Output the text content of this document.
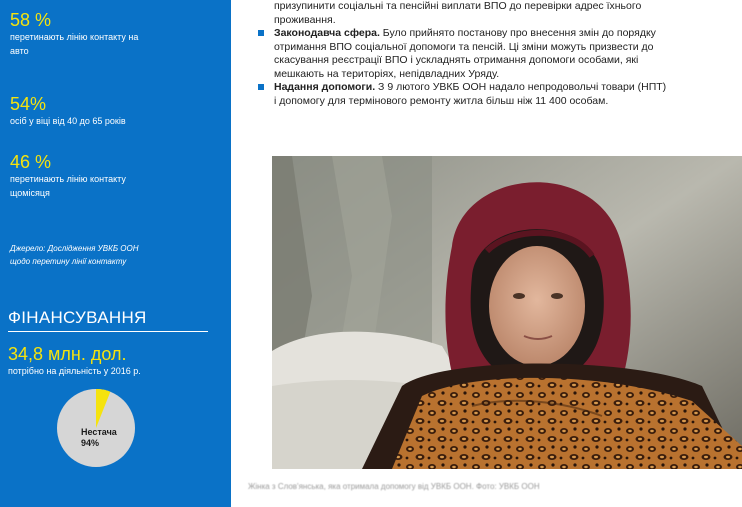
58 %
перетинають лінію контакту на
авто
54%
осіб у віці від 40 до 65 років
46 %
перетинають лінію контакту
щомісяця
Джерело: Дослідження УВКБ ООН
щодо перетину лінії контакту
ФІНАНСУВАННЯ
34,8 млн. дол.
потрібно на діяльність у 2016 р.
Нестача
94%
призупинити соціальні та пенсійні виплати ВПО до перевірки адрес їхнього
проживання.
Законодавча сфера. Було прийнято постанову про внесення змін до порядку
отримання ВПО соціальної допомоги та пенсій. Ці зміни можуть призвести до
скасування реєстрації ВПО і ускладнять отримання допомоги особами, які
мешкають на територіях, непідвладних Уряду.
Надання допомоги. З 9 лютого УВКБ ООН надало непродовольчі товари (НПТ)
і допомогу для термінового ремонту житла більш ніж 11 400 особам.
Жінка з Слов'янська, яка отримала допомогу від УВКБ ООН. Фото: УВКБ ООН
